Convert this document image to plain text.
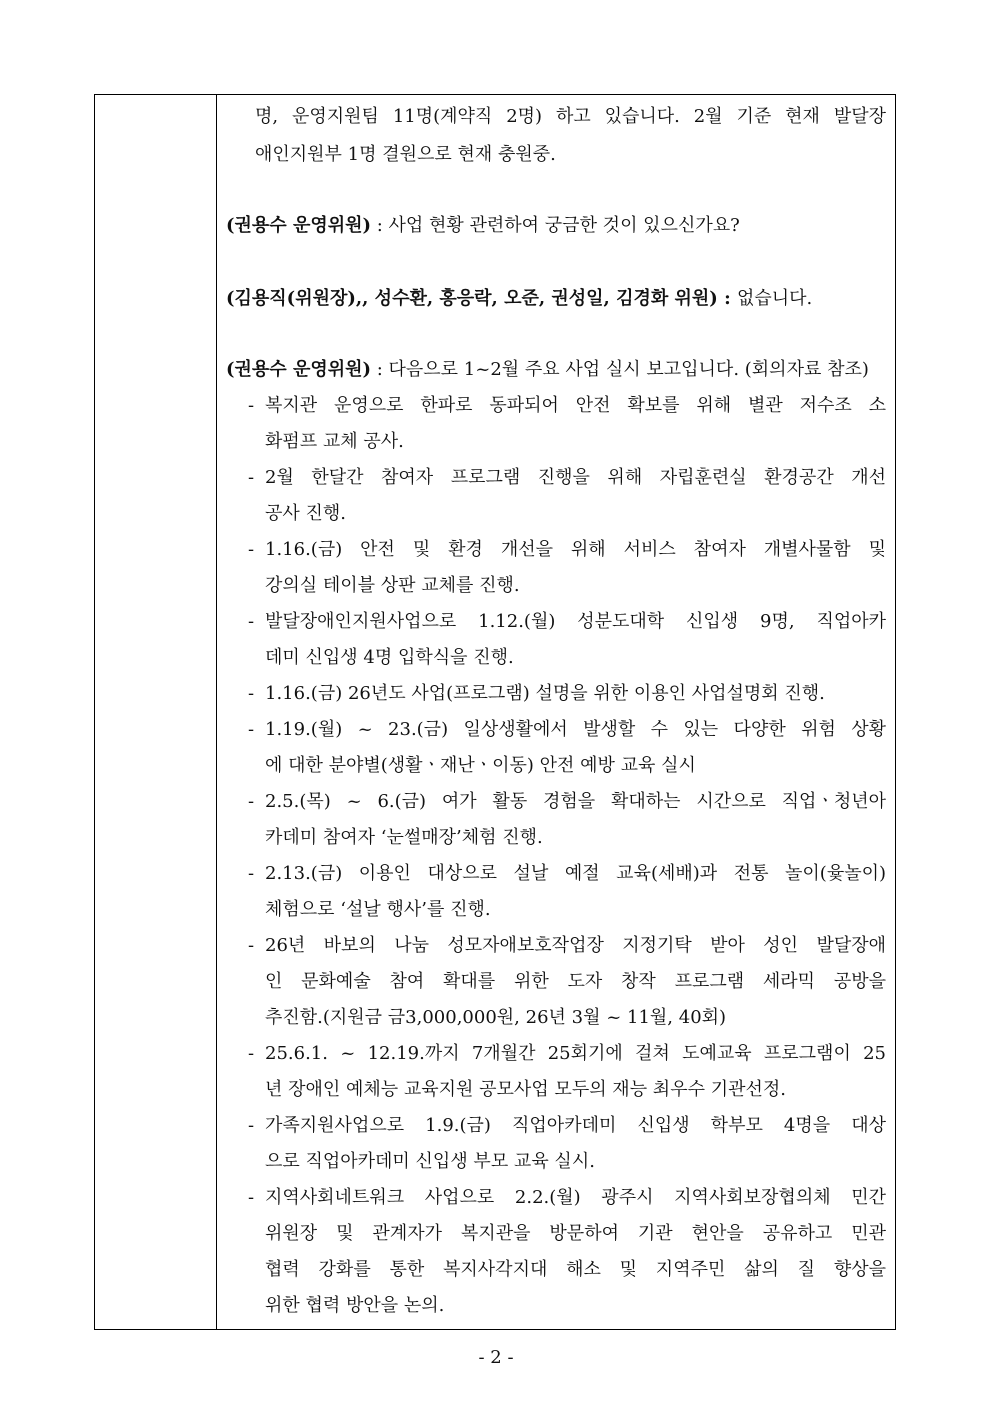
명, 운영지원팀 11명(계약직 2명) 하고 있습니다. 2월 기준 현재 발달장
애인지원부 1명 결원으로 현재 충원중.
(권용수 운영위원) : 사업 현황 관련하여 궁금한 것이 있으신가요?
(김용직(위원장),, 성수환, 홍응락, 오준, 권성일, 김경화 위원) : 없습니다.
(권용수 운영위원) : 다음으로 1~2월 주요 사업 실시 보고입니다. (회의자료 참조)
- 복지관 운영으로 한파로 동파되어 안전 확보를 위해 별관 저수조 소
화펌프 교체 공사.
- 2월 한달간 참여자 프로그램 진행을 위해 자립훈련실 환경공간 개선
공사 진행.
- 1.16.(금) 안전 및 환경 개선을 위해 서비스 참여자 개별사물함 및
강의실 테이블 상판 교체를 진행.
- 발달장애인지원사업으로 1.12.(월) 성분도대학 신입생 9명, 직업아카
데미 신입생 4명 입학식을 진행.
- 1.16.(금) 26년도 사업(프로그램) 설명을 위한 이용인 사업설명회 진행.
- 1.19.(월) ~ 23.(금) 일상생활에서 발생할 수 있는 다양한 위험 상황
에 대한 분야별(생활ㆍ재난ㆍ이동) 안전 예방 교육 실시
- 2.5.(목) ~ 6.(금) 여가 활동 경험을 확대하는 시간으로 직업ㆍ청년아
카데미 참여자 ‘눈썰매장’체험 진행.
- 2.13.(금) 이용인 대상으로 설날 예절 교육(세배)과 전통 놀이(윷놀이)
체험으로 ‘설날 행사’를 진행.
- 26년 바보의 나눔 성모자애보호작업장 지정기탁 받아 성인 발달장애
인 문화예술 참여 확대를 위한 도자 창작 프로그램 세라믹 공방을
추진함.(지원금 금3,000,000원, 26년 3월 ~ 11월, 40회)
- 25.6.1. ~ 12.19.까지 7개월간 25회기에 걸쳐 도예교육 프로그램이 25
년 장애인 예체능 교육지원 공모사업 모두의 재능 최우수 기관선정.
- 가족지원사업으로 1.9.(금) 직업아카데미 신입생 학부모 4명을 대상
으로 직업아카데미 신입생 부모 교육 실시.
- 지역사회네트워크 사업으로 2.2.(월) 광주시 지역사회보장협의체 민간
위원장 및 관계자가 복지관을 방문하여 기관 현안을 공유하고 민관
협력 강화를 통한 복지사각지대 해소 및 지역주민 삶의 질 향상을
위한 협력 방안을 논의.
- 2 -
